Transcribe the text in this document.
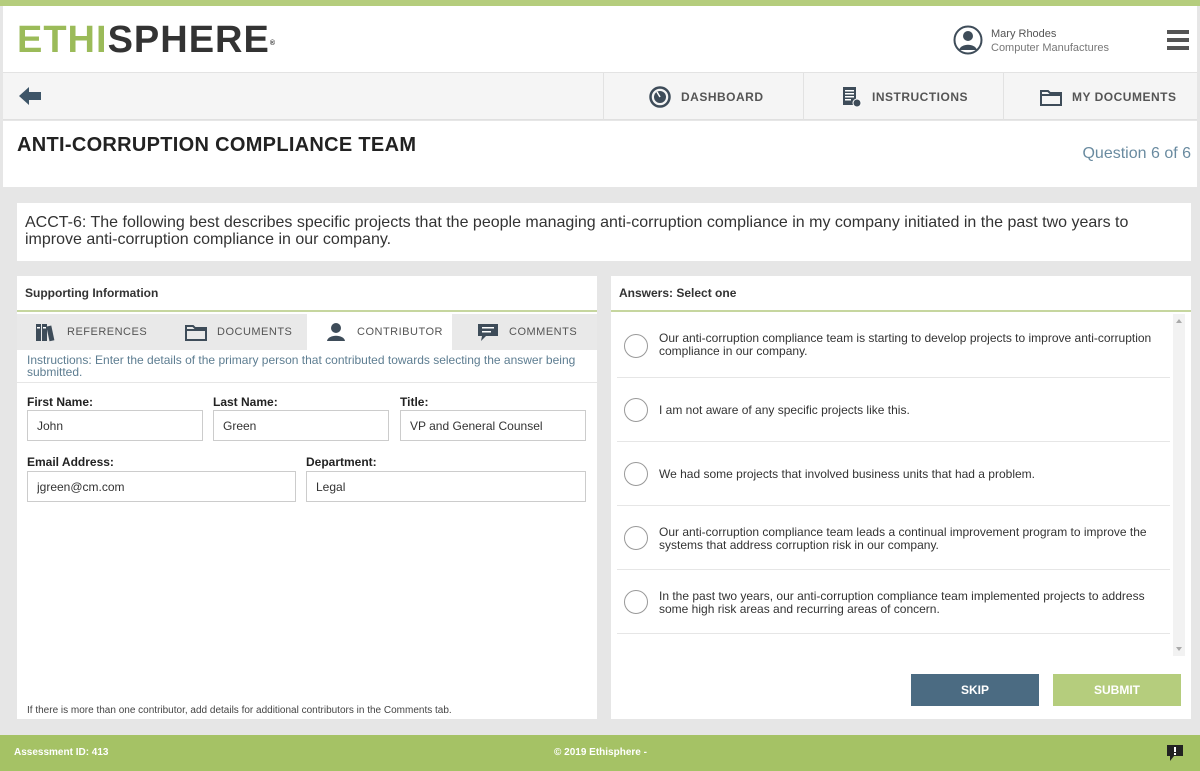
ETHISPHERE®
Mary Rhodes
Computer Manufactures
DASHBOARD	INSTRUCTIONS	MY DOCUMENTS
ANTI-CORRUPTION COMPLIANCE TEAM	Question 6 of 6
ACCT-6: The following best describes specific projects that the people managing anti-corruption compliance in my company initiated in the past two years to improve anti-corruption compliance in our company.
Supporting Information
REFERENCES	DOCUMENTS	CONTRIBUTOR	COMMENTS
Instructions: Enter the details of the primary person that contributed towards selecting the answer being submitted.
First Name:
John	Last Name:
Green	Title:
VP and General Counsel
Email Address:
jgreen@cm.com	Department:
Legal
If there is more than one contributor, add details for additional contributors in the Comments tab.
Answers: Select one
Our anti-corruption compliance team is starting to develop projects to improve anti-corruption compliance in our company.
I am not aware of any specific projects like this.
We had some projects that involved business units that had a problem.
Our anti-corruption compliance team leads a continual improvement program to improve the systems that address corruption risk in our company.
In the past two years, our anti-corruption compliance team implemented projects to address some high risk areas and recurring areas of concern.
SKIP	SUBMIT
Assessment ID: 413	© 2019 Ethisphere -
